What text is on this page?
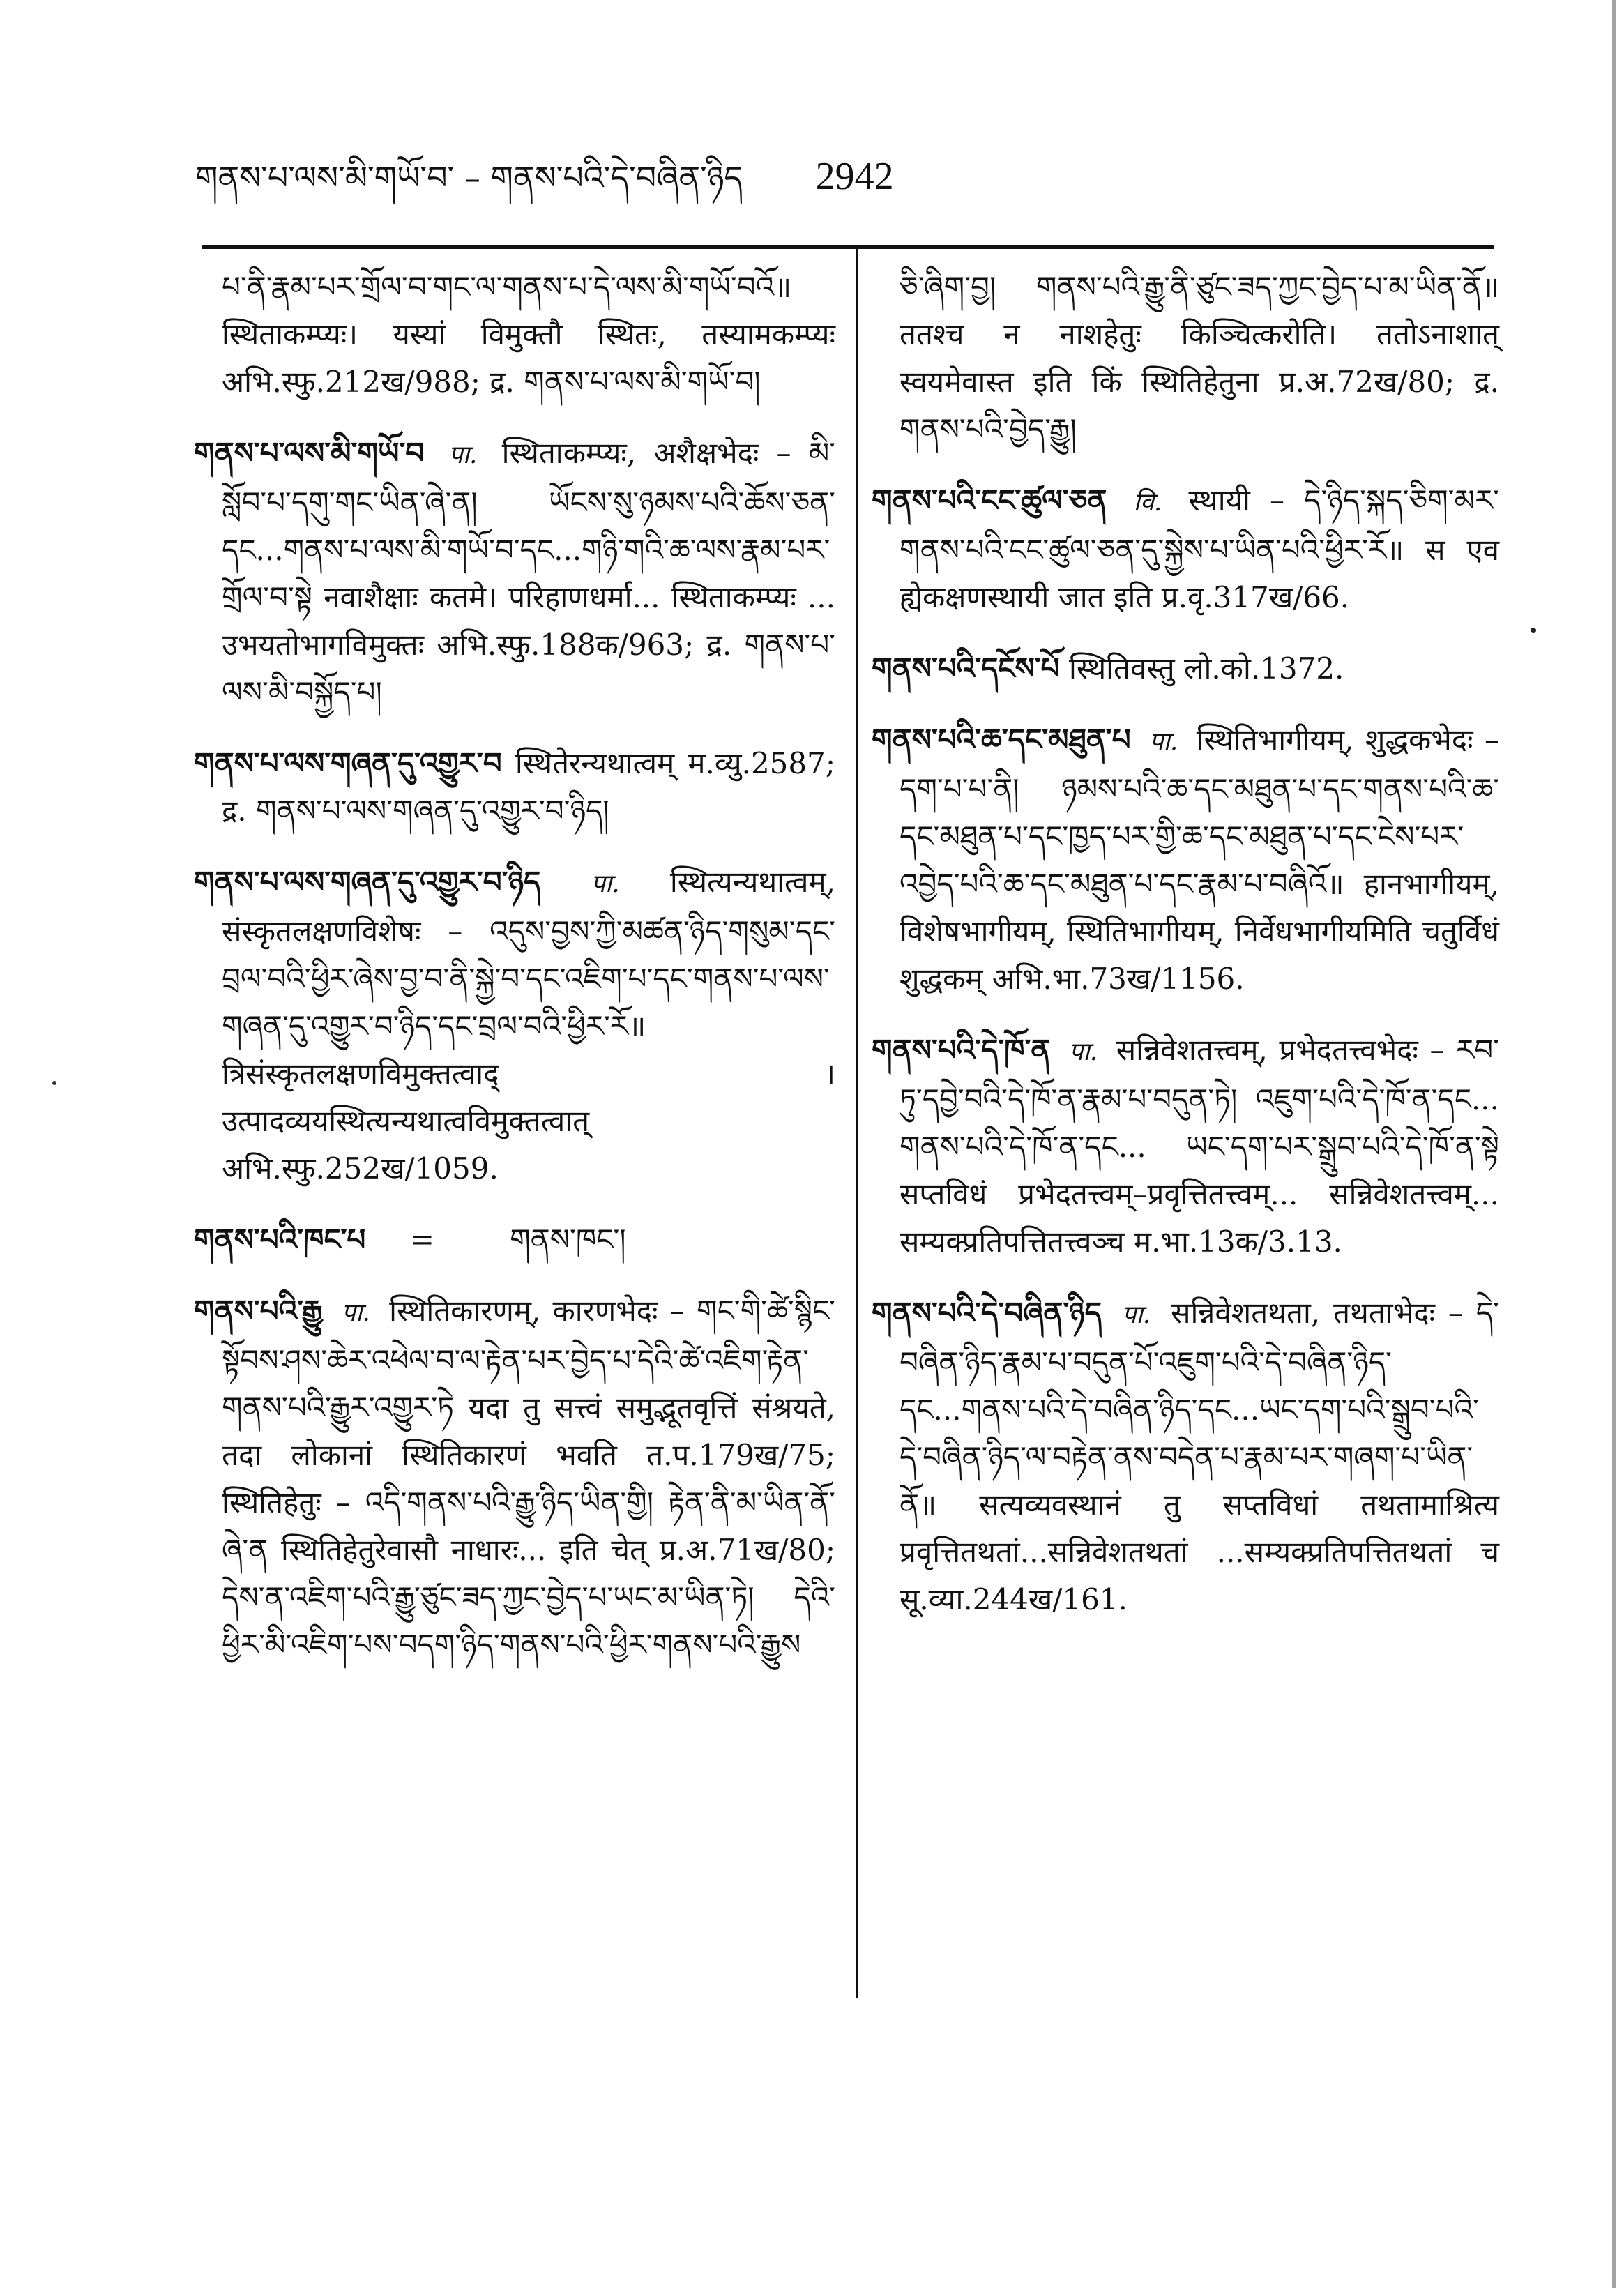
གནས་པ་ལས་མི་གཡོ་བ་ – གནས་པའི་དེ་བཞིན་ཉིད 2942

པ་ནི་རྣམ་པར་གྲོལ་བ་གང་ལ་གནས་པ་དེ་ལས་མི་གཡོ་བའོ॥ स्थिताकम्प्यः। यस्यां विमुक्तौ स्थितः, तस्यामकम्प्यः अभि.स्फु.212ख/988; द्र. གནས་པ་ལས་མི་གཡོ་བ།

གནས་པ་ལས་མི་གཡོ་བ पा. स्थिताकम्प्यः, अशैक्षभेदः – མི་སློབ་པ་དགུ་གང་ཡིན་ཞེ་ན། ཡོངས་སུ་ཉམས་པའི་ཆོས་ཅན་དང...གནས་པ་ལས་མི་གཡོ་བ་དང...གཉི་གའི་ཆ་ལས་རྣམ་པར་གྲོལ་བ་སྟེ नवाशैक्षाः कतमे। परिहाणधर्मा... स्थिताकम्प्यः ... उभयतोभागविमुक्तः अभि.स्फु.188क/963; द्र. གནས་པ་ལས་མི་བསྐྱོད་པ།

གནས་པ་ལས་གཞན་དུ་འགྱུར་བ स्थितेरन्यथात्वम् म.व्यु.2587; द्र. གནས་པ་ལས་གཞན་དུ་འགྱུར་བ་ཉིད།

གནས་པ་ལས་གཞན་དུ་འགྱུར་བ་ཉིད पा. स्थित्यन्यथात्वम्, संस्कृतलक्षणविशेषः – འདུས་བྱས་ཀྱི་མཚན་ཉིད་གསུམ་དང་བྲལ་བའི་ཕྱིར་ཞེས་བྱ་བ་ནི་སྐྱེ་བ་དང་འཇིག་པ་དང་གནས་པ་ལས་གཞན་དུ་འགྱུར་བ་ཉིད་དང་བྲལ་བའི་ཕྱིར་རོ॥ त्रिसंस्कृतलक्षणविमुक्तत्वाद् । उत्पादव्ययस्थित्यन्यथात्वविमुक्तत्वात् अभि.स्फु.252ख/1059.

གནས་པའི་ཁང་པ =	གནས་ཁང་།

གནས་པའི་རྒྱུ पा. स्थितिकारणम्, कारणभेदः – གང་གི་ཚེ་སྙིང་སྟོབས་ཤས་ཆེར་འཕེལ་བ་ལ་རྟེན་པར་བྱེད་པ་དེའི་ཚེ་འཇིག་རྟེན་གནས་པའི་རྒྱུར་འགྱུར་ཏེ यदा तु सत्त्वं समुद्भूतवृत्तिं संश्रयते, तदा लोकानां स्थितिकारणं भवति त.प.179ख/75; स्थितिहेतुः – འདི་གནས་པའི་རྒྱུ་ཉིད་ཡིན་གྱི། རྟེན་ནི་མ་ཡིན་ནོ་ཞེ་ན स्थितिहेतुरेवासौ नाधारः... इति चेत् प्र.अ.71ख/80; དེས་ན་འཇིག་པའི་རྒྱུ་ཙུང་ཟད་ཀྱང་བྱེད་པ་ཡང་མ་ཡིན་ཏེ། དེའི་ཕྱིར་མི་འཇིག་པས་བདག་ཉིད་གནས་པའི་ཕྱིར་གནས་པའི་རྒྱུས

ཅི་ཞིག་བྱ། གནས་པའི་རྒྱུ་ནི་ཙུང་ཟད་ཀྱང་བྱེད་པ་མ་ཡིན་ནོ॥ ततश्च न नाशहेतुः किञ्चित्करोति। ततोऽनाशात् स्वयमेवास्त इति किं स्थितिहेतुना प्र.अ.72ख/80; द्र. གནས་པའི་བྱེད་རྒྱུ།

གནས་པའི་ངང་ཚུལ་ཅན वि. स्थायी – དེ་ཉིད་སྐད་ཅིག་མར་གནས་པའི་ངང་ཚུལ་ཅན་དུ་སྐྱེས་པ་ཡིན་པའི་ཕྱིར་རོ॥ स एव ह्येकक्षणस्थायी जात इति प्र.वृ.317ख/66.

གནས་པའི་དངོས་པོ स्थितिवस्तु लो.को.1372.

གནས་པའི་ཆ་དང་མཐུན་པ पा. स्थितिभागीयम्, शुद्धकभेदः – དག་པ་པ་ནི། ཉམས་པའི་ཆ་དང་མཐུན་པ་དང་གནས་པའི་ཆ་དང་མཐུན་པ་དང་ཁྱད་པར་གྱི་ཆ་དང་མཐུན་པ་དང་ངེས་པར་འབྱེད་པའི་ཆ་དང་མཐུན་པ་དང་རྣམ་པ་བཞིའོ॥ हानभागीयम्, विशेषभागीयम्, स्थितिभागीयम्, निर्वेधभागीयमिति चतुर्विधं शुद्धकम् अभि.भा.73ख/1156.

གནས་པའི་དེ་ཁོ་ན पा. सन्निवेशतत्त्वम्, प्रभेदतत्त्वभेदः – རབ་ཏུ་དབྱེ་བའི་དེ་ཁོ་ན་རྣམ་པ་བདུན་ཏེ། འཇུག་པའི་དེ་ཁོ་ན་དང... གནས་པའི་དེ་ཁོ་ན་དང... ཡང་དག་པར་སྒྲུབ་པའི་དེ་ཁོ་ན་སྟེ सप्तविधं प्रभेदतत्त्वम्–प्रवृत्तितत्त्वम्... सन्निवेशतत्त्वम्... सम्यक्प्रतिपत्तितत्त्वञ्च म.भा.13क/3.13.

གནས་པའི་དེ་བཞིན་ཉིད पा. सन्निवेशतथता, तथताभेदः – དེ་བཞིན་ཉིད་རྣམ་པ་བདུན་པོ་འཇུག་པའི་དེ་བཞིན་ཉིད་དང...གནས་པའི་དེ་བཞིན་ཉིད་དང...ཡང་དག་པའི་སྒྲུབ་པའི་དེ་བཞིན་ཉིད་ལ་བརྟེན་ནས་བདེན་པ་རྣམ་པར་གཞག་པ་ཡིན་ནོ॥ सत्यव्यवस्थानं तु सप्तविधां तथतामाश्रित्य प्रवृत्तितथतां...सन्निवेशतथतां ...सम्यक्प्रतिपत्तितथतां च सू.व्या.244ख/161.
